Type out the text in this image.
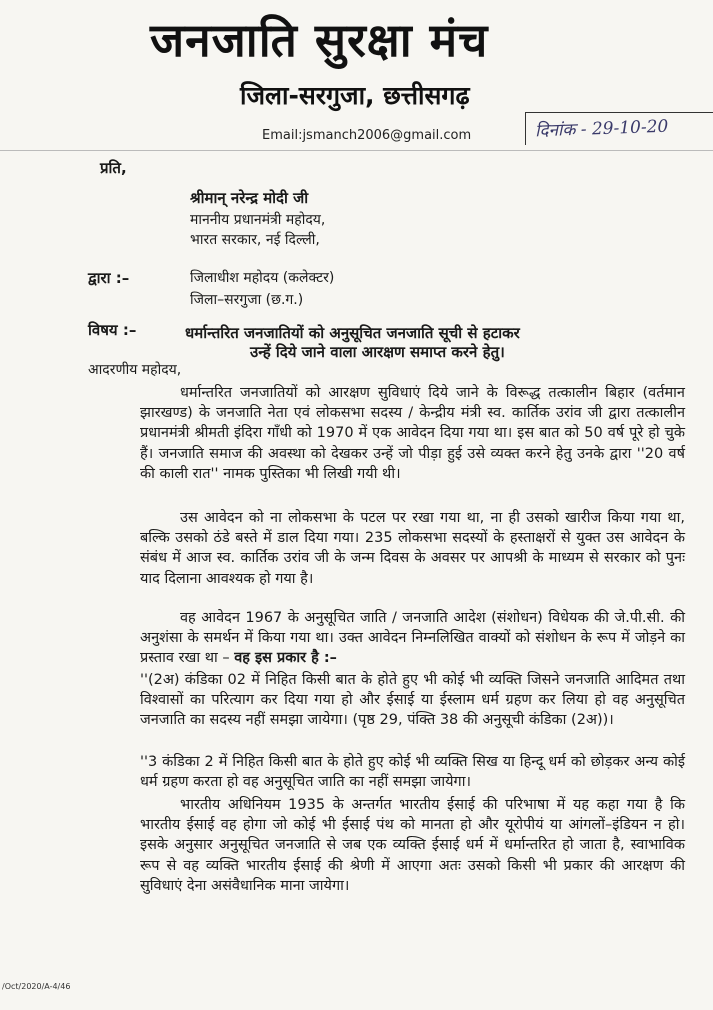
जनजाति सुरक्षा मंच
जिला-सरगुजा, छत्तीसगढ़
Email:jsmanch2006@gmail.com	दिनांक - 29-10-20
प्रति,
श्रीमान् नरेन्द्र मोदी जी
माननीय प्रधानमंत्री महोदय,
भारत सरकार, नई दिल्ली,
द्वारा :–	जिलाधीश महोदय (कलेक्टर)
जिला–सरगुजा (छ.ग.)
विषय :–	धर्मान्तरित जनजातियों को अनुसूचित जनजाति सूची से हटाकर
उन्हें दिये जाने वाला आरक्षण समाप्त करने हेतु।
आदरणीय महोदय,

धर्मान्तरित जनजातियों को आरक्षण सुविधाएं दिये जाने के विरूद्ध तत्कालीन बिहार (वर्तमान झारखण्ड) के जनजाति नेता एवं लोकसभा सदस्य / केन्द्रीय मंत्री स्व. कार्तिक उरांव जी द्वारा तत्कालीन प्रधानमंत्री श्रीमती इंदिरा गाँधी को 1970 में एक आवेदन दिया गया था। इस बात को 50 वर्ष पूरे हो चुके हैं। जनजाति समाज की अवस्था को देखकर उन्हें जो पीड़ा हुई उसे व्यक्त करने हेतु उनके द्वारा ''20 वर्ष की काली रात'' नामक पुस्तिका भी लिखी गयी थी।

उस आवेदन को ना लोकसभा के पटल पर रखा गया था, ना ही उसको खारीज किया गया था, बल्कि उसको ठंडे बस्ते में डाल दिया गया। 235 लोकसभा सदस्यों के हस्ताक्षरों से युक्त उस आवेदन के संबंध में आज स्व. कार्तिक उरांव जी के जन्म दिवस के अवसर पर आपश्री के माध्यम से सरकार को पुनः याद दिलाना आवश्यक हो गया है।

वह आवेदन 1967 के अनुसूचित जाति / जनजाति आदेश (संशोधन) विधेयक की जे.पी.सी. की अनुशंसा के समर्थन में किया गया था। उक्त आवेदन निम्नलिखित वाक्यों को संशोधन के रूप में जोड़ने का प्रस्ताव रखा था – वह इस प्रकार है :–

''(2अ) कंडिका 02 में निहित किसी बात के होते हुए भी कोई भी व्यक्ति जिसने जनजाति आदिमत तथा विश्वासों का परित्याग कर दिया गया हो और ईसाई या ईस्लाम धर्म ग्रहण कर लिया हो वह अनुसूचित जनजाति का सदस्य नहीं समझा जायेगा। (पृष्ठ 29, पंक्ति 38 की अनुसूची कंडिका (2अ))।

''3 कंडिका 2 में निहित किसी बात के होते हुए कोई भी व्यक्ति सिख या हिन्दू धर्म को छोड़कर अन्य कोई धर्म ग्रहण करता हो वह अनुसूचित जाति का नहीं समझा जायेगा।

भारतीय अधिनियम 1935 के अन्तर्गत भारतीय ईसाई की परिभाषा में यह कहा गया है कि भारतीय ईसाई वह होगा जो कोई भी ईसाई पंथ को मानता हो और यूरोपीयं या आंगलों–इंडियन न हो। इसके अनुसार अनुसूचित जनजाति से जब एक व्यक्ति ईसाई धर्म में धर्मान्तरित हो जाता है, स्वाभाविक रूप से वह व्यक्ति भारतीय ईसाई की श्रेणी में आएगा अतः उसको किसी भी प्रकार की आरक्षण की सुविधाएं देना असंवैधानिक माना जायेगा।

/Oct/2020/A-4/46
